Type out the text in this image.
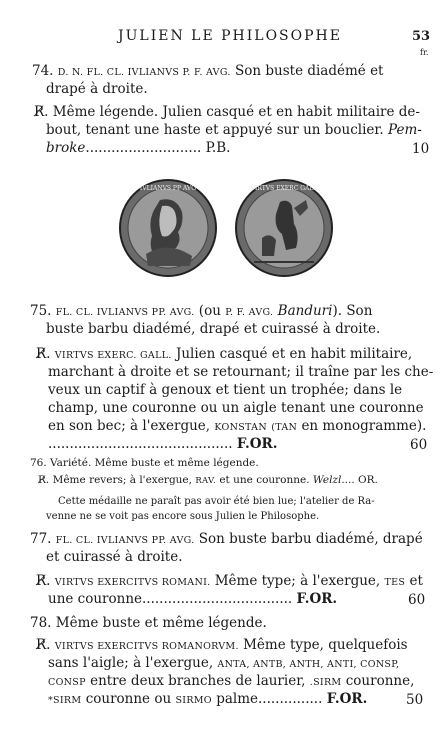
JULIEN LE PHILOSOPHE	53
fr.
74. D. N. FL. CL. IVLIANVS P. F. AVG. Son buste diadémé et
drapé à droite.
R̸. Même légende. Julien casqué et en habit militaire de-
bout, tenant une haste et appuyé sur un bouclier. Pem-
broke........................... P.B.	10
IVLIANVS PP AVG	VIRTVS EXERC GALL
75. FL. CL. IVLIANVS PP. AVG. (ou P. F. AVG. Banduri). Son
buste barbu diadémé, drapé et cuirassé à droite.
R̸. VIRTVS EXERC. GALL. Julien casqué et en habit militaire,
marchant à droite et se retournant; il traîne par les che-
veux un captif à genoux et tient un trophée; dans le
champ, une couronne ou un aigle tenant une couronne
en son bec; à l'exergue, KONSTAN (TAN en monogramme).
........................................... F.OR.	60
76. Variété. Même buste et même légende.
R̸. Même revers; à l'exergue, RAV. et une couronne. Welzl.... OR.
Cette médaille ne paraît pas avoir été bien lue; l'atelier de Ra-
venne ne se voit pas encore sous Julien le Philosophe.
77. FL. CL. IVLIANVS PP. AVG. Son buste barbu diadémé, drapé
et cuirassé à droite.
R̸. VIRTVS EXERCITVS ROMANI. Même type; à l'exergue, TES et
une couronne................................... F.OR.	60
78. Même buste et même légende.
R̸. VIRTVS EXERCITVS ROMANORVM. Même type, quelquefois
sans l'aigle; à l'exergue, ANTA, ANTB, ANTH, ANTI, CONSP,
CONSP entre deux branches de laurier, .SIRM couronne,
*SIRM couronne ou SIRMO palme............... F.OR.	50
